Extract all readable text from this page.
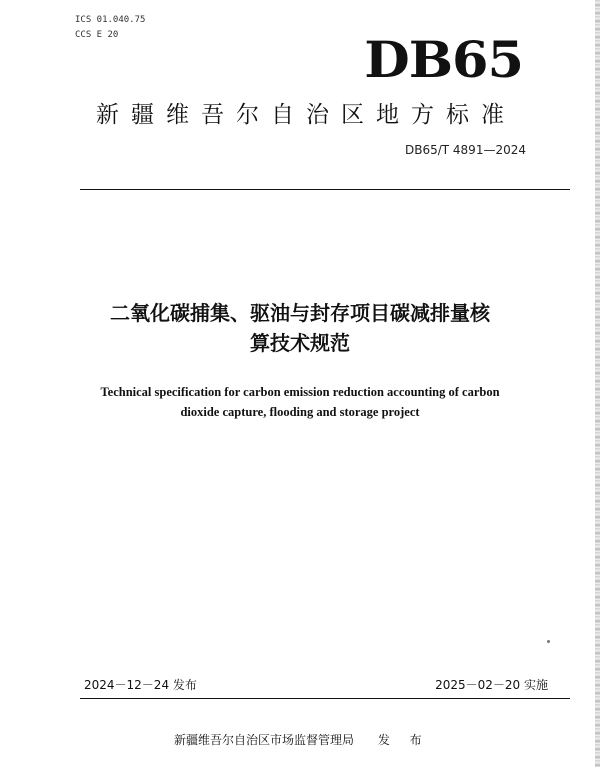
ICS 01.040.75
CCS E 20	DB65
新疆维吾尔自治区地方标准
DB65/T 4891—2024
二氧化碳捕集、驱油与封存项目碳减排量核
算技术规范
Technical specification for carbon emission reduction accounting of carbon
dioxide capture, flooding and storage project
2024－12－24 发布	2025－02－20 实施
新疆维吾尔自治区市场监督管理局 发 布
